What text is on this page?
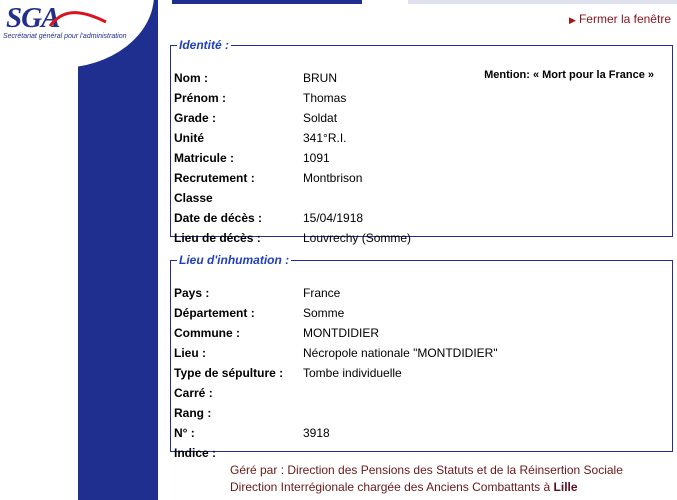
SGA
Secrétariat général pour l'administration
▶ Fermer la fenêtre
Identité :
Mention: « Mort pour la France »
Nom :	BRUN
Prénom :	Thomas
Grade :	Soldat
Unité	341°R.I.
Matricule :	1091
Recrutement :	Montbrison
Classe
Date de décès :	15/04/1918
Lieu de décès :	Louvrechy (Somme)
Lieu d'inhumation :
Pays :	France
Département :	Somme
Commune :	MONTDIDIER
Lieu :	Nécropole nationale "MONTDIDIER"
Type de sépulture : Tombe individuelle
Carré :
Rang :
N° :	3918
Indice :
Géré par : Direction des Pensions des Statuts et de la Réinsertion Sociale
Direction Interrégionale chargée des Anciens Combattants à Lille
